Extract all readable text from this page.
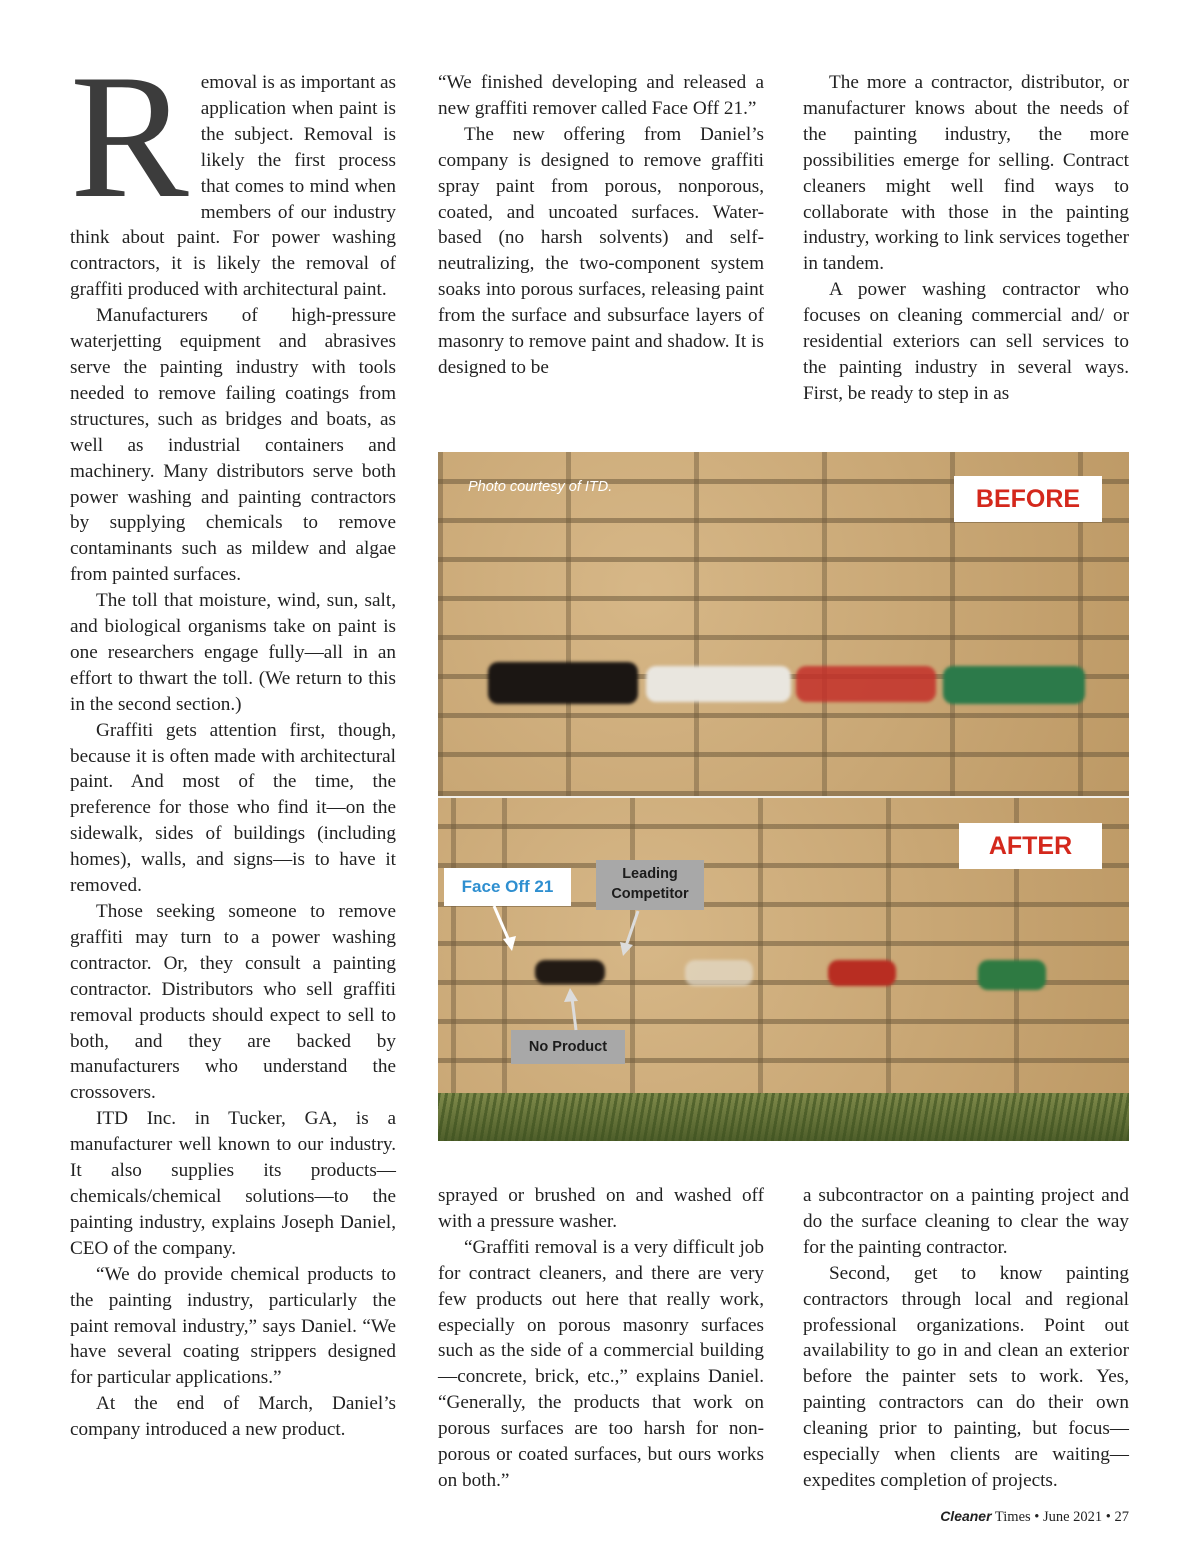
Removal is as important as application when paint is the subject. Removal is likely the first process that comes to mind when members of our industry think about paint. For power washing contractors, it is likely the removal of graffiti produced with architectural paint.

Manufacturers of high-pressure waterjetting equipment and abrasives serve the painting industry with tools needed to remove failing coatings from structures, such as bridges and boats, as well as industrial containers and machinery. Many distributors serve both power washing and painting contractors by supplying chemicals to remove contaminants such as mildew and algae from painted surfaces.

The toll that moisture, wind, sun, salt, and biological organisms take on paint is one researchers engage fully—all in an effort to thwart the toll. (We return to this in the second section.)

Graffiti gets attention first, though, because it is often made with architectural paint. And most of the time, the preference for those who find it—on the sidewalk, sides of buildings (including homes), walls, and signs—is to have it removed.

Those seeking someone to remove graffiti may turn to a power washing contractor. Or, they consult a painting contractor. Distributors who sell graffiti removal products should expect to sell to both, and they are backed by manufacturers who understand the crossovers.

ITD Inc. in Tucker, GA, is a manufacturer well known to our industry. It also supplies its products—chemicals/chemical solutions—to the painting industry, explains Joseph Daniel, CEO of the company.

“We do provide chemical products to the painting industry, particularly the paint removal industry,” says Daniel. “We have several coating strippers designed for particular applications.”

At the end of March, Daniel’s company introduced a new product.

“We finished developing and released a new graffiti remover called Face Off 21.”

The new offering from Daniel’s company is designed to remove graffiti spray paint from porous, nonporous, coated, and uncoated surfaces. Water-based (no harsh solvents) and self-neutralizing, the two-component system soaks into porous surfaces, releasing paint from the surface and subsurface layers of masonry to remove paint and shadow. It is designed to be

The more a contractor, distributor, or manufacturer knows about the needs of the painting industry, the more possibilities emerge for selling. Contract cleaners might well find ways to collaborate with those in the painting industry, working to link services together in tandem.

A power washing contractor who focuses on cleaning commercial and/ or residential exteriors can sell services to the painting industry in several ways. First, be ready to step in as

Photo courtesy of ITD.	BEFORE
AFTER
Face Off 21
Leading Competitor
No Product

sprayed or brushed on and washed off with a pressure washer.

“Graffiti removal is a very difficult job for contract cleaners, and there are very few products out here that really work, especially on porous masonry surfaces such as the side of a commercial building—concrete, brick, etc.,” explains Daniel. “Generally, the products that work on porous surfaces are too harsh for non-porous or coated surfaces, but ours works on both.”

a subcontractor on a painting project and do the surface cleaning to clear the way for the painting contractor.

Second, get to know painting contractors through local and regional professional organizations. Point out availability to go in and clean an exterior before the painter sets to work. Yes, painting contractors can do their own cleaning prior to painting, but focus—especially when clients are waiting—expedites completion of projects.

Cleaner Times • June 2021 • 27
